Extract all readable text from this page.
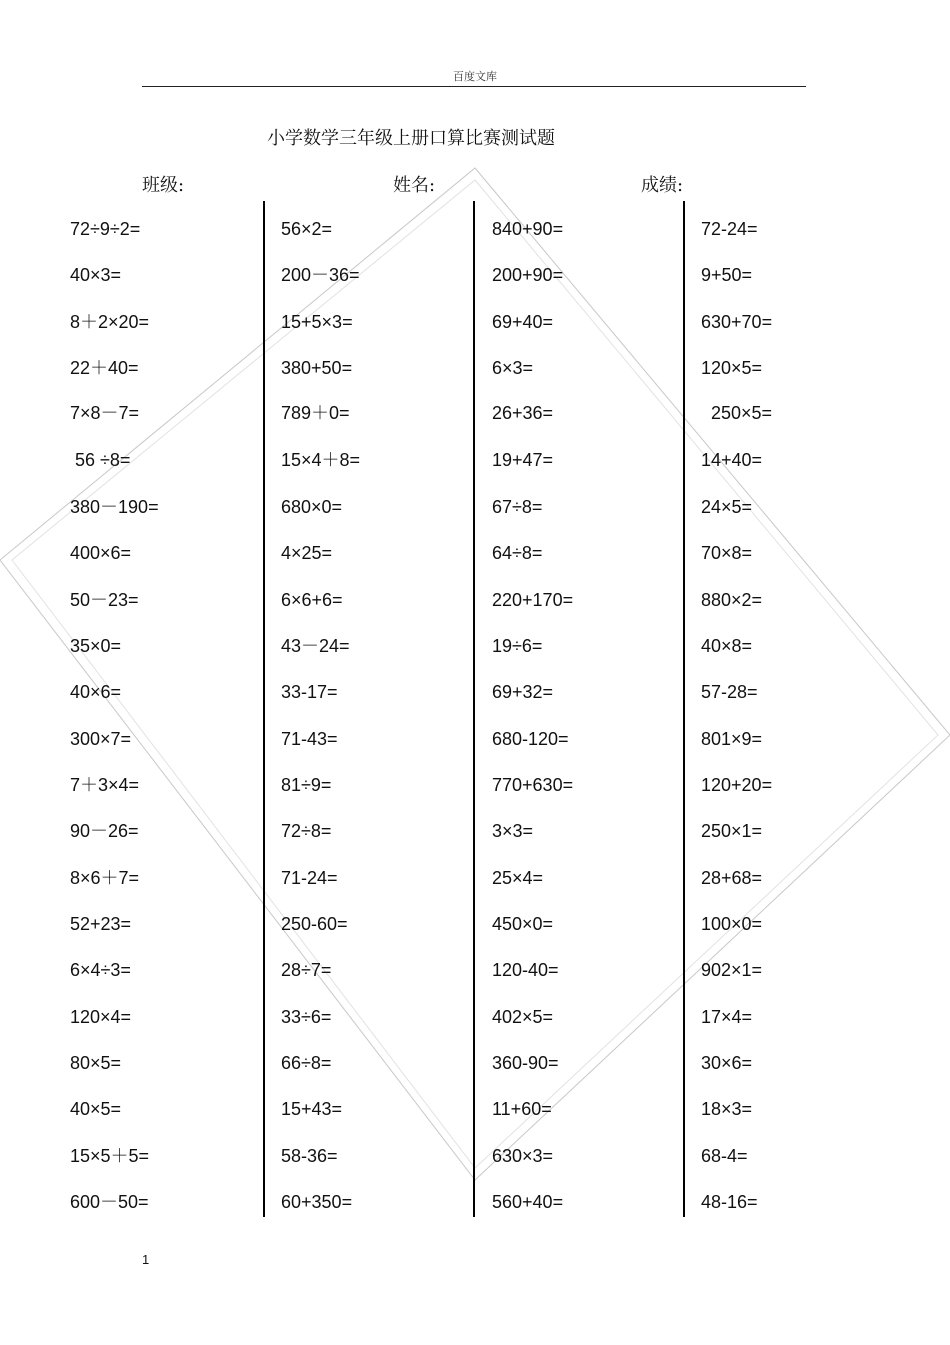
百度文库
小学数学三年级上册口算比赛测试题
班级:	姓名:	成绩:
72÷9÷2=
40×3=
8＋2×20=
22＋40=
7×8－7=
56 ÷8=
380－190=
400×6=
50－23=
35×0=
40×6=
300×7=
7＋3×4=
90－26=
8×6＋7=
52+23=
6×4÷3=
120×4=
80×5=
40×5=
15×5＋5=
600－50=
56×2=
200－36=
15+5×3=
380+50=
789＋0=
15×4＋8=
680×0=
4×25=
6×6+6=
43－24=
33-17=
71-43=
81÷9=
72÷8=
71-24=
250-60=
28÷7=
33÷6=
66÷8=
15+43=
58-36=
60+350=
840+90=
200+90=
69+40=
6×3=
26+36=
19+47=
67÷8=
64÷8=
220+170=
19÷6=
69+32=
680-120=
770+630=
3×3=
25×4=
450×0=
120-40=
402×5=
360-90=
11+60=
630×3=
560+40=
72-24=
9+50=
630+70=
120×5=
250×5=
14+40=
24×5=
70×8=
880×2=
40×8=
57-28=
801×9=
120+20=
250×1=
28+68=
100×0=
902×1=
17×4=
30×6=
18×3=
68-4=
48-16=
1
